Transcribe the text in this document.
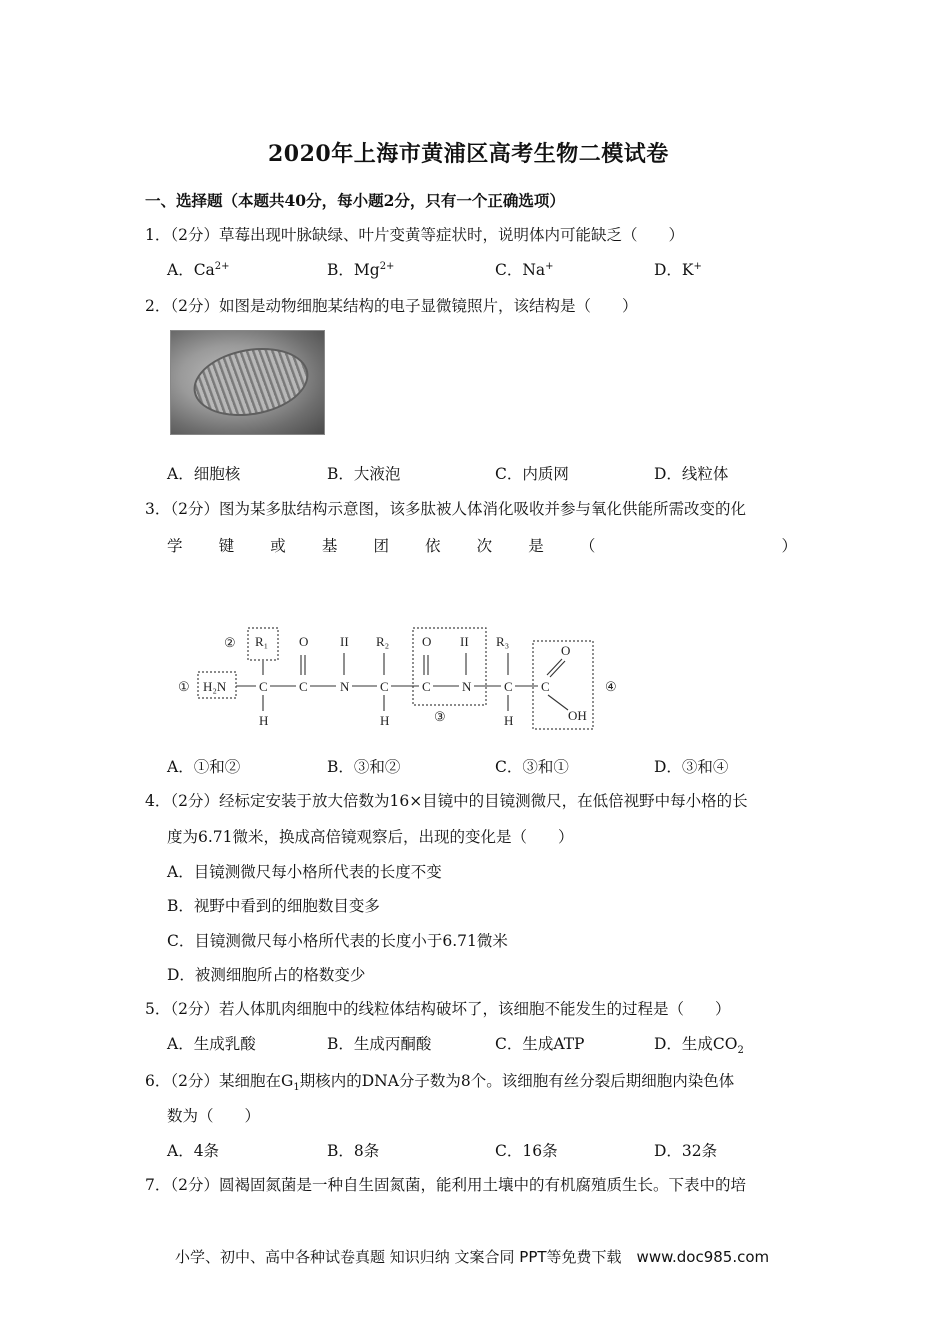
2020年上海市黄浦区高考生物二模试卷
一、选择题（本题共40分，每小题2分，只有一个正确选项）
1．（2分）草莓出现叶脉缺绿、叶片变黄等症状时，说明体内可能缺乏（　　）
A．$Ca^{2+}$	B．$Mg^{2+}$	C．Na+	D．K+
2．（2分）如图是动物细胞某结构的电子显微镜照片，该结构是（　　）
A．细胞核	B．大液泡	C．内质网	D．线粒体
3．（2分）图为某多肽结构示意图，该多肽被人体消化吸收并参与氧化供能所需改变的化
学 键 或 基 团 依 次 是 （	）
①
②
③
④
H₂N
R₁	R₂	R₃
C C N C	C N	C C
O II	O II
O
OH
H	H	H
A．①和②	B．③和②	C．③和①	D．③和④
4．（2分）经标定安装于放大倍数为16×目镜中的目镜测微尺，在低倍视野中每小格的长
度为6.71微米，换成高倍镜观察后，出现的变化是（　　）
A．目镜测微尺每小格所代表的长度不变
B．视野中看到的细胞数目变多
C．目镜测微尺每小格所代表的长度小于6.71微米
D．被测细胞所占的格数变少
5．（2分）若人体肌肉细胞中的线粒体结构破坏了，该细胞不能发生的过程是（　　）
A．生成乳酸	B．生成丙酮酸	C．生成ATP	D．生成$CO_2$
6．（2分）某细胞在$G_1$期核内的DNA分子数为8个。该细胞有丝分裂后期细胞内染色体
数为（　　）
A．4条	B．8条	C．16条	D．32条
7．（2分）圆褐固氮菌是一种自生固氮菌，能利用土壤中的有机腐殖质生长。下表中的培
小学、初中、高中各种试卷真题 知识归纳 文案合同 PPT等免费下载　www.doc985.com
